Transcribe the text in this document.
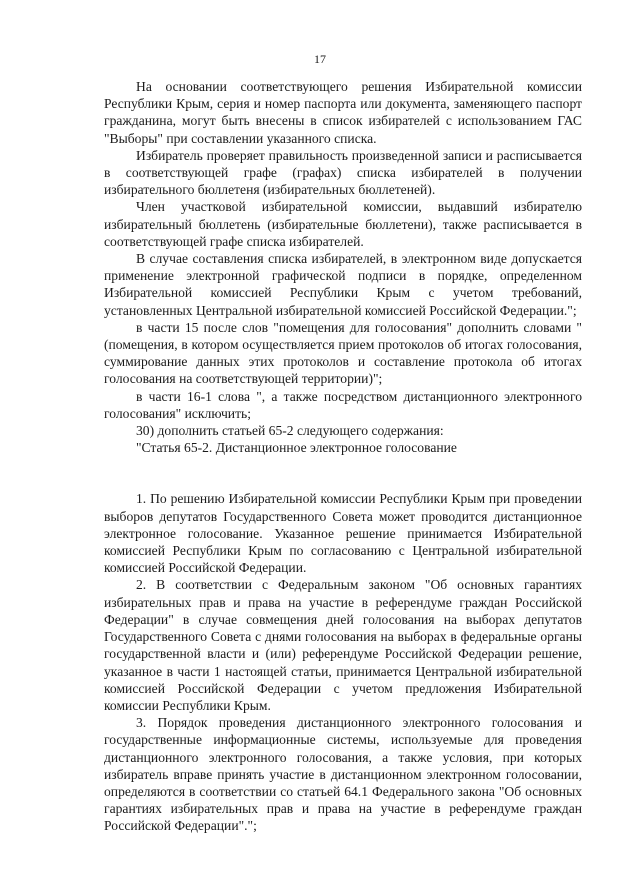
17

На основании соответствующего решения Избирательной комиссии Республики Крым, серия и номер паспорта или документа, заменяющего паспорт гражданина, могут быть внесены в список избирателей с использованием ГАС "Выборы" при составлении указанного списка.

Избиратель проверяет правильность произведенной записи и расписывается в соответствующей графе (графах) списка избирателей в получении избирательного бюллетеня (избирательных бюллетеней).

Член участковой избирательной комиссии, выдавший избирателю избирательный бюллетень (избирательные бюллетени), также расписывается в соответствующей графе списка избирателей.

В случае составления списка избирателей, в электронном виде допускается применение электронной графической подписи в порядке, определенном Избирательной комиссией Республики Крым с учетом требований, установленных Центральной избирательной комиссией Российской Федерации.";

в части 15 после слов "помещения для голосования" дополнить словами "(помещения, в котором осуществляется прием протоколов об итогах голосования, суммирование данных этих протоколов и составление протокола об итогах голосования на соответствующей территории)";

в части 16-1 слова ", а также посредством дистанционного электронного голосования" исключить;

30) дополнить статьей 65-2 следующего содержания:

"Статья 65-2. Дистанционное электронное голосование

1. По решению Избирательной комиссии Республики Крым при проведении выборов депутатов Государственного Совета может проводится дистанционное электронное голосование. Указанное решение принимается Избирательной комиссией Республики Крым по согласованию с Центральной избирательной комиссией Российской Федерации.

2. В соответствии с Федеральным законом "Об основных гарантиях избирательных прав и права на участие в референдуме граждан Российской Федерации" в случае совмещения дней голосования на выборах депутатов Государственного Совета с днями голосования на выборах в федеральные органы государственной власти и (или) референдуме Российской Федерации решение, указанное в части 1 настоящей статьи, принимается Центральной избирательной комиссией Российской Федерации с учетом предложения Избирательной комиссии Республики Крым.

3. Порядок проведения дистанционного электронного голосования и государственные информационные системы, используемые для проведения дистанционного электронного голосования, а также условия, при которых избиратель вправе принять участие в дистанционном электронном голосовании, определяются в соответствии со статьей 64.1 Федерального закона "Об основных гарантиях избирательных прав и права на участие в референдуме граждан Российской Федерации".";
